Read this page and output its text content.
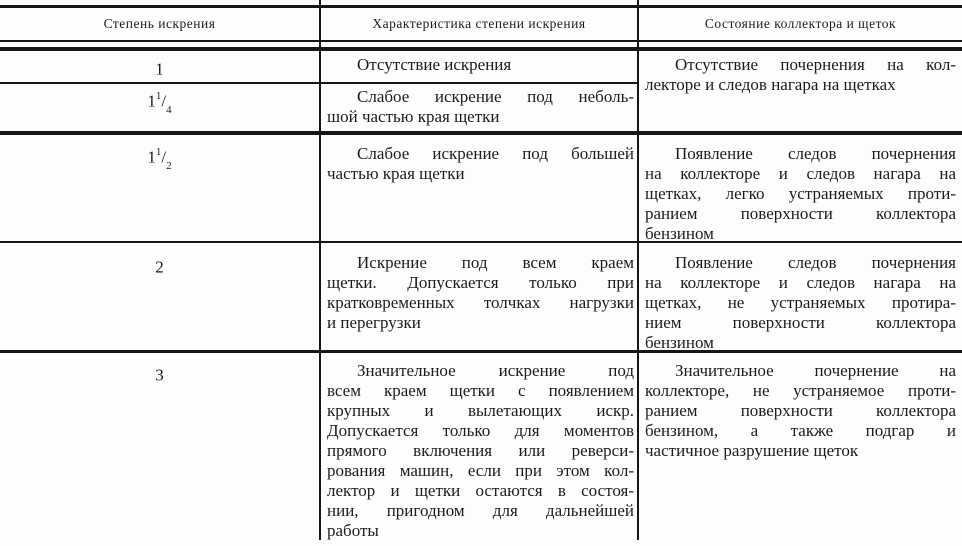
Степень искрения	Характеристика степени искрения	Состояние коллектора и щеток
1
$1^1/_4$
$1^1/_2$
2
3
Отсутствие искрения
Слабое искрение под неболь-
шой частью края щетки
Слабое искрение под большей
частью края щетки
Искрение под всем краем
щетки. Допускается только при
кратковременных толчках нагрузки
и перегрузки
Значительное искрение под
всем краем щетки с появлением
крупных и вылетающих искр.
Допускается только для моментов
прямого включения или реверси-
рования машин, если при этом кол-
лектор и щетки остаются в состоя-
нии, пригодном для дальнейшей
работы
Отсутствие почернения на кол-
лекторе и следов нагара на щетках
Появление следов почернения
на коллекторе и следов нагара на
щетках, легко устраняемых проти-
ранием поверхности коллектора
бензином
Появление следов почернения
на коллекторе и следов нагара на
щетках, не устраняемых протира-
нием поверхности коллектора
бензином
Значительное почернение на
коллекторе, не устраняемое проти-
ранием поверхности коллектора
бензином, а также подгар и
частичное разрушение щеток
